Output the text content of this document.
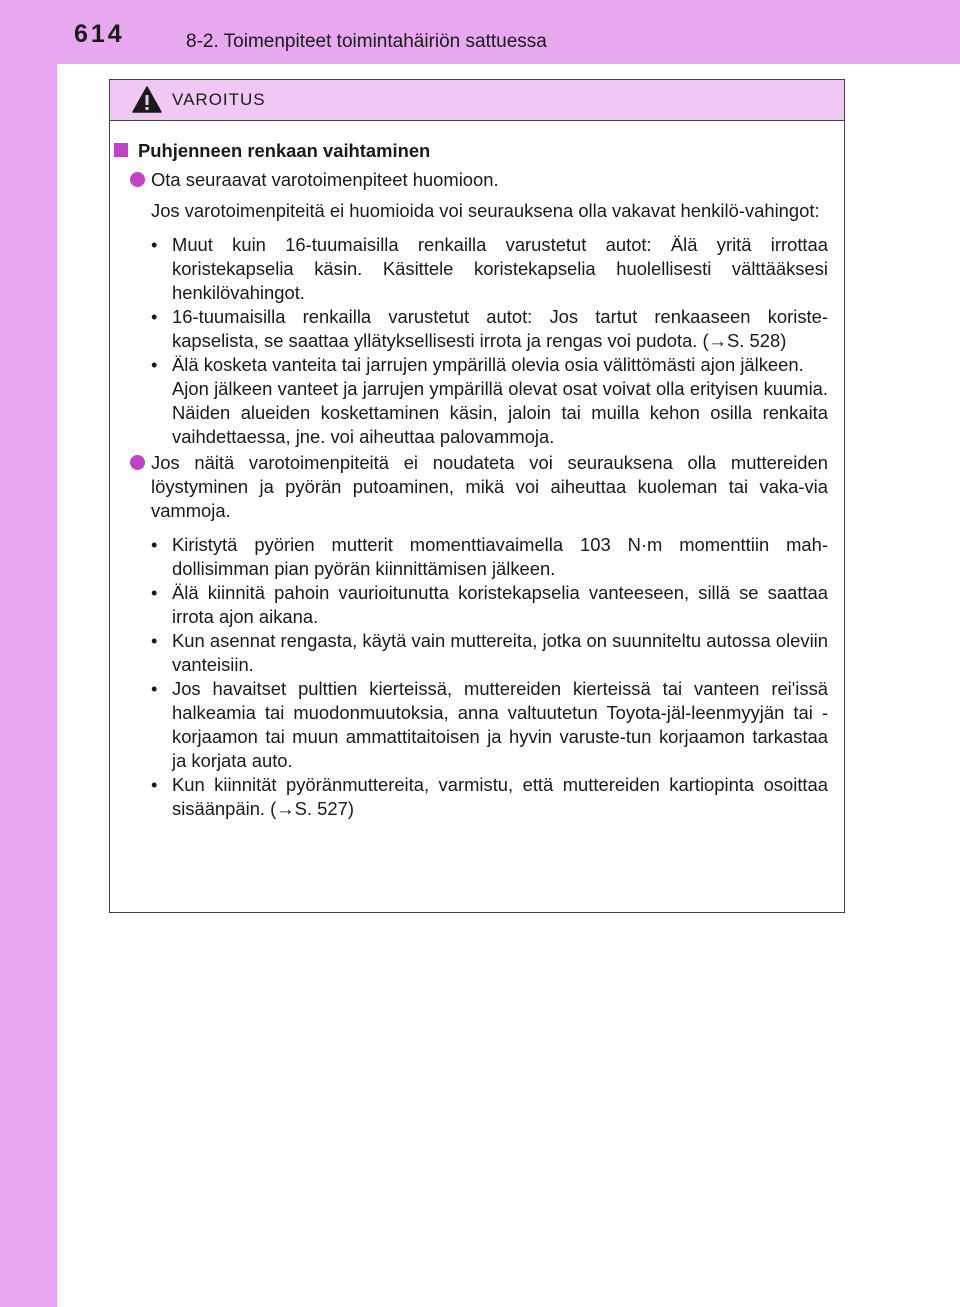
614	8-2. Toimenpiteet toimintahäiriön sattuessa
VAROITUS
Puhjenneen renkaan vaihtaminen
Ota seuraavat varotoimenpiteet huomioon.
Jos varotoimenpiteitä ei huomioida voi seurauksena olla vakavat henkilö-vahingot:
• Muut kuin 16-tuumaisilla renkailla varustetut autot: Älä yritä irrottaa koristekapselia käsin. Käsittele koristekapselia huolellisesti välttääksesi henkilövahingot.
• 16-tuumaisilla renkailla varustetut autot: Jos tartut renkaaseen koriste-kapselista, se saattaa yllätyksellisesti irrota ja rengas voi pudota. (→S. 528)
• Älä kosketa vanteita tai jarrujen ympärillä olevia osia välittömästi ajon jälkeen.
Ajon jälkeen vanteet ja jarrujen ympärillä olevat osat voivat olla erityisen kuumia. Näiden alueiden koskettaminen käsin, jaloin tai muilla kehon osilla renkaita vaihdettaessa, jne. voi aiheuttaa palovammoja.
Jos näitä varotoimenpiteitä ei noudateta voi seurauksena olla muttereiden löystyminen ja pyörän putoaminen, mikä voi aiheuttaa kuoleman tai vaka-via vammoja.
• Kiristytä pyörien mutterit momenttiavaimella 103 N·m momenttiin mah-dollisimman pian pyörän kiinnittämisen jälkeen.
• Älä kiinnitä pahoin vaurioitunutta koristekapselia vanteeseen, sillä se saattaa irrota ajon aikana.
• Kun asennat rengasta, käytä vain muttereita, jotka on suunniteltu autossa oleviin vanteisiin.
• Jos havaitset pulttien kierteissä, muttereiden kierteissä tai vanteen rei'issä halkeamia tai muodonmuutoksia, anna valtuutetun Toyota-jäl-leenmyyjän tai -korjaamon tai muun ammattitaitoisen ja hyvin varuste-tun korjaamon tarkastaa ja korjata auto.
• Kun kiinnität pyöränmuttereita, varmistu, että muttereiden kartiopinta osoittaa sisäänpäin. (→S. 527)
